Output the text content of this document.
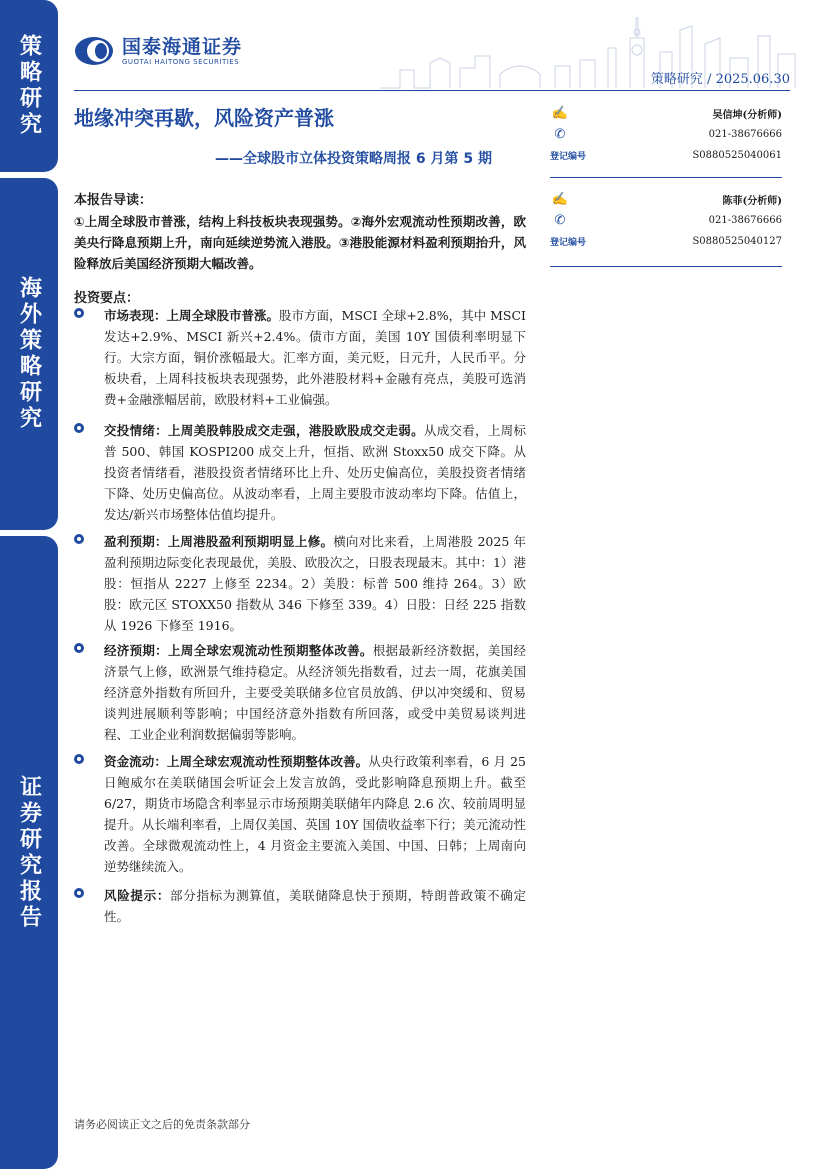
策略研究
海外策略研究
证券研究报告
国泰海通证券
GUOTAI HAITONG SECURITIES
策略研究 / 2025.06.30
地缘冲突再歇，风险资产普涨
——全球股市立体投资策略周报 6 月第 5 期
✍	吴信坤(分析师)
✆	021-38676666
登记编号	S0880525040061
✍	陈菲(分析师)
✆	021-38676666
登记编号	S0880525040127
本报告导读：
①上周全球股市普涨，结构上科技板块表现强势。②海外宏观流动性预期改善，欧美央行降息预期上升，南向延续逆势流入港股。③港股能源材料盈利预期抬升，风险释放后美国经济预期大幅改善。
投资要点：

市场表现：上周全球股市普涨。股市方面，MSCI 全球+2.8%，其中 MSCI 发达+2.9%、MSCI 新兴+2.4%。债市方面，美国 10Y 国债利率明显下行。大宗方面，铜价涨幅最大。汇率方面，美元贬，日元升，人民币平。分板块看，上周科技板块表现强势，此外港股材料+金融有亮点，美股可选消费+金融涨幅居前，欧股材料+工业偏强。

交投情绪：上周美股韩股成交走强，港股欧股成交走弱。从成交看，上周标普 500、韩国 KOSPI200 成交上升，恒指、欧洲 Stoxx50 成交下降。从投资者情绪看，港股投资者情绪环比上升、处历史偏高位，美股投资者情绪下降、处历史偏高位。从波动率看，上周主要股市波动率均下降。估值上，发达/新兴市场整体估值均提升。

盈利预期：上周港股盈利预期明显上修。横向对比来看，上周港股 2025 年盈利预期边际变化表现最优，美股、欧股次之，日股表现最末。其中：1）港股：恒指从 2227 上修至 2234。2）美股：标普 500 维持 264。3）欧股：欧元区 STOXX50 指数从 346 下修至 339。4）日股：日经 225 指数从 1926 下修至 1916。

经济预期：上周全球宏观流动性预期整体改善。根据最新经济数据，美国经济景气上修，欧洲景气维持稳定。从经济领先指数看，过去一周，花旗美国经济意外指数有所回升，主要受美联储多位官员放鸽、伊以冲突缓和、贸易谈判进展顺利等影响；中国经济意外指数有所回落，或受中美贸易谈判进程、工业企业利润数据偏弱等影响。

资金流动：上周全球宏观流动性预期整体改善。从央行政策利率看，6 月 25 日鲍威尔在美联储国会听证会上发言放鸽，受此影响降息预期上升。截至 6/27，期货市场隐含利率显示市场预期美联储年内降息 2.6 次、较前周明显提升。从长端利率看，上周仅美国、英国 10Y 国债收益率下行；美元流动性改善。全球微观流动性上，4 月资金主要流入美国、中国、日韩；上周南向逆势继续流入。

风险提示：部分指标为测算值，美联储降息快于预期，特朗普政策不确定性。

请务必阅读正文之后的免责条款部分
